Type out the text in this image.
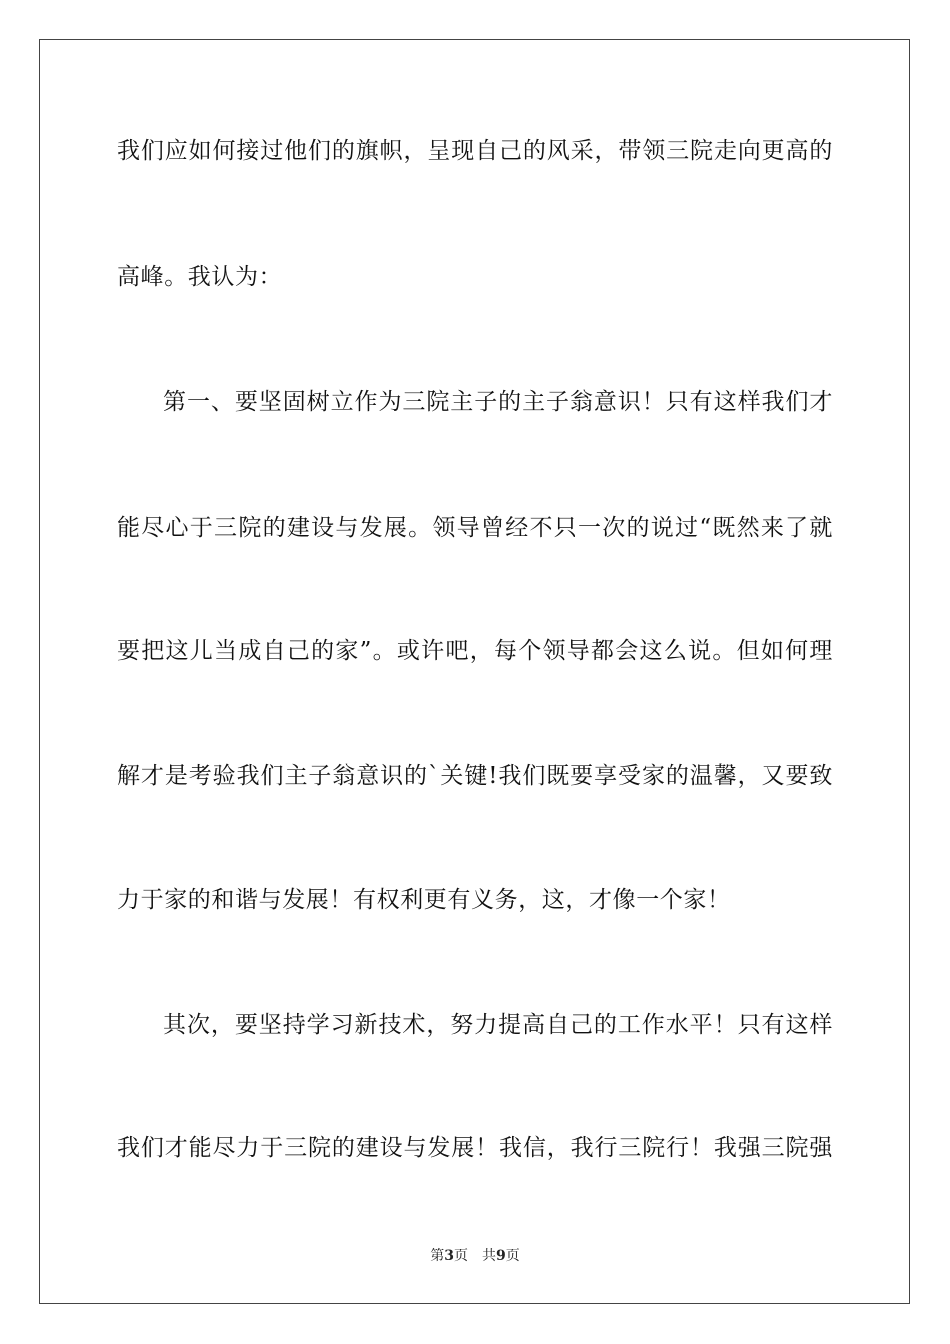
我们应如何接过他们的旗帜，呈现自己的风采，带领三院走向更高的
高峰。我认为：
第一、要坚固树立作为三院主子的主子翁意识！只有这样我们才
能尽心于三院的建设与发展。领导曾经不只一次的说过“既然来了就
要把这儿当成自己的家”。或许吧，每个领导都会这么说。但如何理
解才是考验我们主子翁意识的`关键!我们既要享受家的温馨，又要致
力于家的和谐与发展！有权利更有义务，这，才像一个家！
其次，要坚持学习新技术，努力提高自己的工作水平！只有这样
我们才能尽力于三院的建设与发展！我信，我行三院行！我强三院强
第3页 共9页
